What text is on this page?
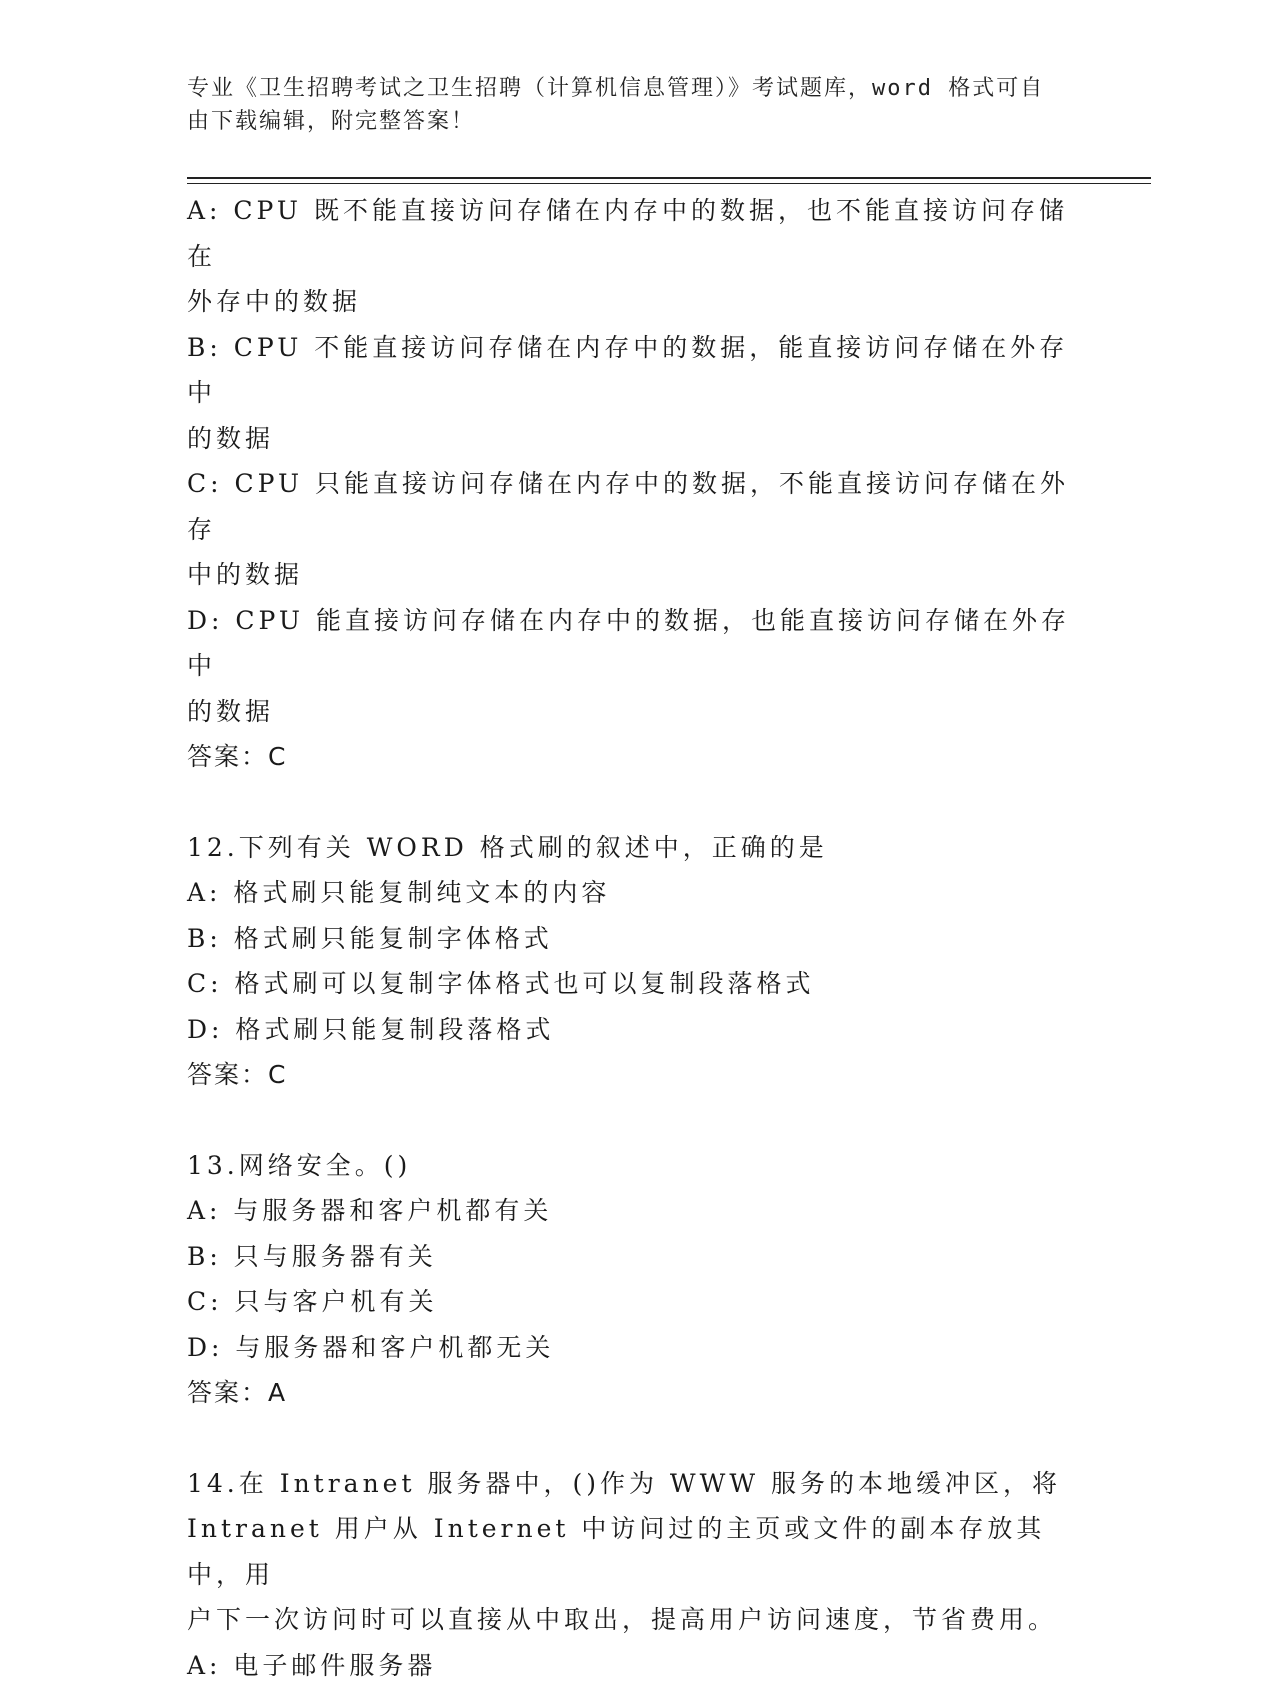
专业《卫生招聘考试之卫生招聘（计算机信息管理）》考试题库，word 格式可自
由下载编辑，附完整答案！
A: CPU 既不能直接访问存储在内存中的数据，也不能直接访问存储在
外存中的数据
B: CPU 不能直接访问存储在内存中的数据，能直接访问存储在外存中
的数据
C: CPU 只能直接访问存储在内存中的数据，不能直接访问存储在外存
中的数据
D: CPU 能直接访问存储在内存中的数据，也能直接访问存储在外存中
的数据
答案：C
12.下列有关 WORD 格式刷的叙述中，正确的是
A: 格式刷只能复制纯文本的内容
B: 格式刷只能复制字体格式
C: 格式刷可以复制字体格式也可以复制段落格式
D: 格式刷只能复制段落格式
答案：C
13.网络安全。()
A: 与服务器和客户机都有关
B: 只与服务器有关
C: 只与客户机有关
D: 与服务器和客户机都无关
答案：A
14.在 Intranet 服务器中，()作为 WWW 服务的本地缓冲区，将
Intranet 用户从 Internet 中访问过的主页或文件的副本存放其中，用
户下一次访问时可以直接从中取出，提高用户访问速度，节省费用。
A: 电子邮件服务器
